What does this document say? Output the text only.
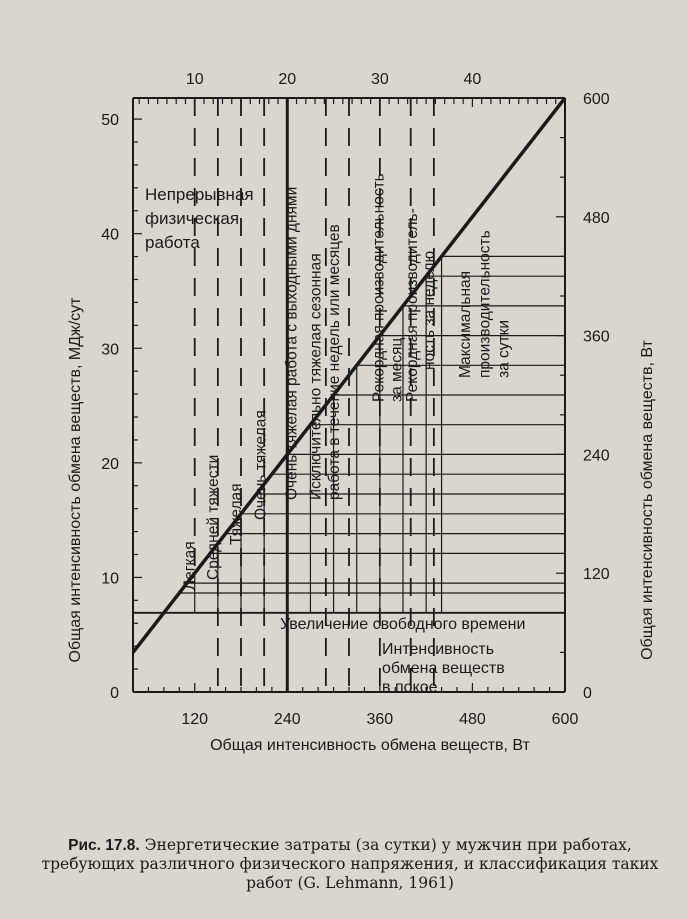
120	240	360	480	600
10	20	30	40
0
10
20
30
40
50
0
120
240
360
480
600
Легкая Средней тяжести Тяжелая Очень тяжелая Очень тяжелая работа с выходными днями Исключительно тяжелая сезонная работа в течение недель или месяцев Рекордная производительность за месяц
Рекордная производитель- ность за неделю Максимальная производительность за сутки
Непрерывная
физическая
работа
Увеличение свободного времени
Интенсивность
обмена веществ
в покое
Общая интенсивность обмена веществ, Вт
Общая интенсивность обмена веществ, МДж/сут	Общая интенсивность обмена веществ, Вт
Рис. 17.8. Энергетические затраты (за сутки) у мужчин при работах, требующих различного физического напряжения, и классификация таких работ (G. Lehmann, 1961)
